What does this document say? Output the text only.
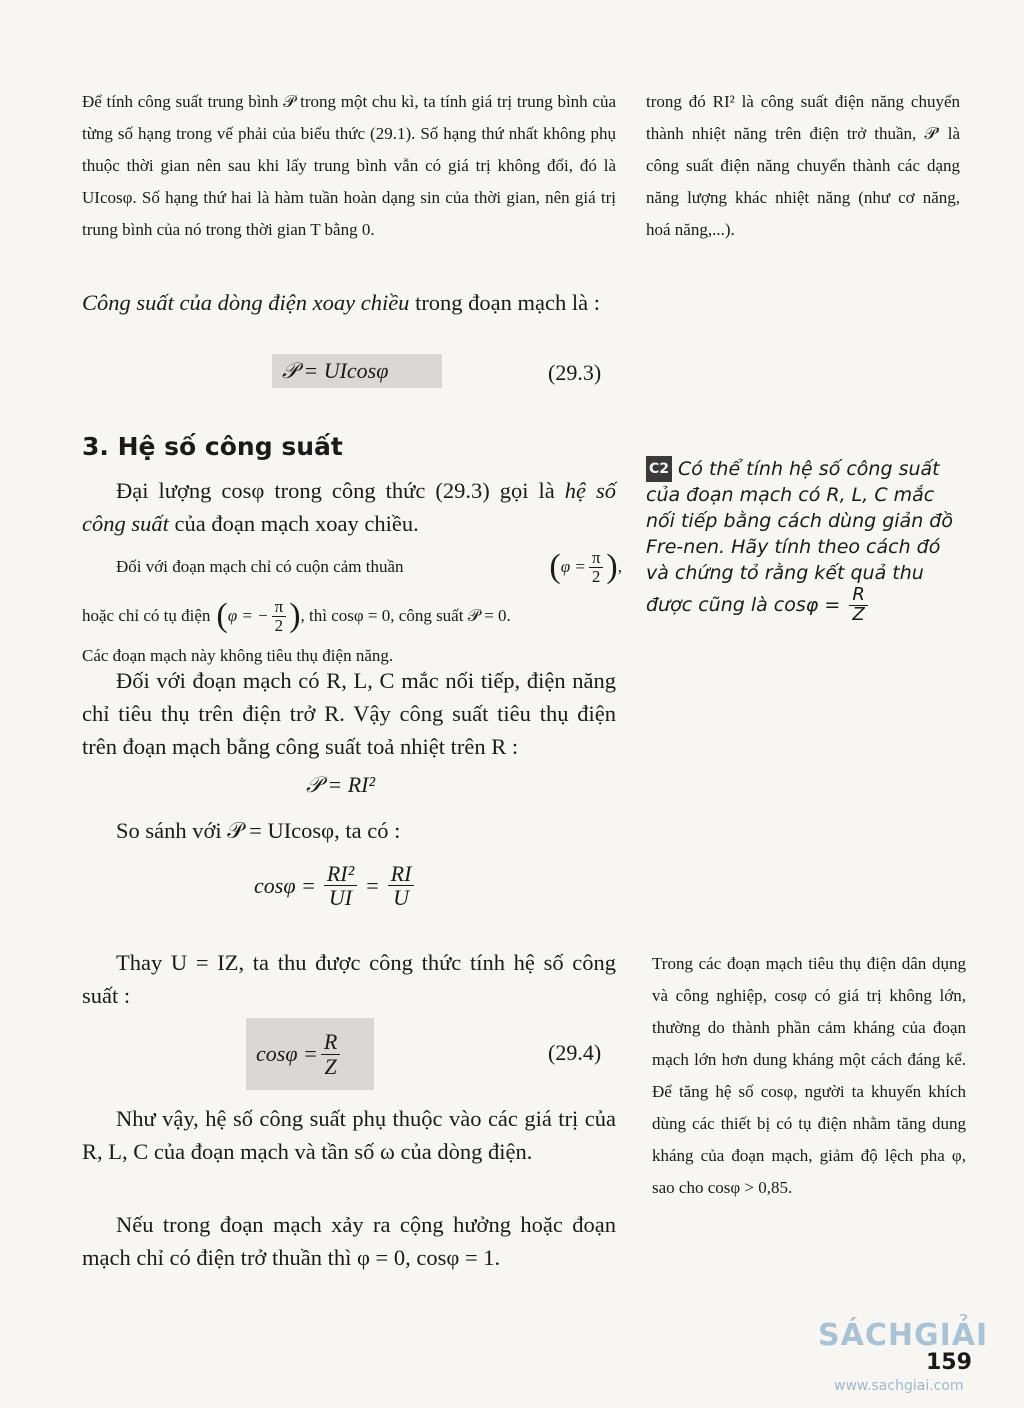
Để tính công suất trung bình 𝒫 trong một chu kì, ta tính giá trị trung bình của từng số hạng trong vế phải của biểu thức (29.1). Số hạng thứ nhất không phụ thuộc thời gian nên sau khi lấy trung bình vẫn có giá trị không đổi, đó là UIcosφ. Số hạng thứ hai là hàm tuần hoàn dạng sin của thời gian, nên giá trị trung bình của nó trong thời gian T bằng 0.
Công suất của dòng điện xoay chiều trong đoạn mạch là :
𝒫 = UIcosφ	(29.3)
3. Hệ số công suất
Đại lượng cosφ trong công thức (29.3) gọi là hệ số công suất của đoạn mạch xoay chiều.
Đối với đoạn mạch chỉ có cuộn cảm thuần	( $\varphi = \frac{\pi}{2}$ ) ,
hoặc chỉ có tụ điện ( φ = − $\frac{\pi}{2}$ ) , thì cosφ = 0, công suất 𝒫 = 0.
Các đoạn mạch này không tiêu thụ điện năng.
Đối với đoạn mạch có R, L, C mắc nối tiếp, điện năng chỉ tiêu thụ trên điện trở R. Vậy công suất tiêu thụ điện trên đoạn mạch bằng công suất toả nhiệt trên R :
𝒫 = RI²
So sánh với 𝒫 = UIcosφ, ta có :
$\cos\varphi = \frac{\text{RI²}}{UI} = \frac{RI}{U}$
Thay U = IZ, ta thu được công thức tính hệ số công suất :
$\cos\varphi = \frac{R}{Z}$	(29.4)
Như vậy, hệ số công suất phụ thuộc vào các giá trị của R, L, C của đoạn mạch và tần số ω của dòng điện.
Nếu trong đoạn mạch xảy ra cộng hưởng hoặc đoạn mạch chỉ có điện trở thuần thì φ = 0, cosφ = 1.
trong đó RI² là công suất điện năng chuyển thành nhiệt năng trên điện trở thuần, 𝒫' là công suất điện năng chuyển thành các dạng năng lượng khác nhiệt năng (như cơ năng, hoá năng,...).
C2 Có thể tính hệ số công suất của đoạn mạch có R, L, C mắc nối tiếp bằng cách dùng giản đồ Fre-nen. Hãy tính theo cách đó và chứng tỏ rằng kết quả thu được cũng là $\cos\varphi = \frac{R}{Z}$
Trong các đoạn mạch tiêu thụ điện dân dụng và công nghiệp, cosφ có giá trị không lớn, thường do thành phần cảm kháng của đoạn mạch lớn hơn dung kháng một cách đáng kể. Để tăng hệ số cosφ, người ta khuyến khích dùng các thiết bị có tụ điện nhằm tăng dung kháng của đoạn mạch, giảm độ lệch pha φ, sao cho cosφ > 0,85.
159
SÁCHGIẢI
www.sachgiai.com
